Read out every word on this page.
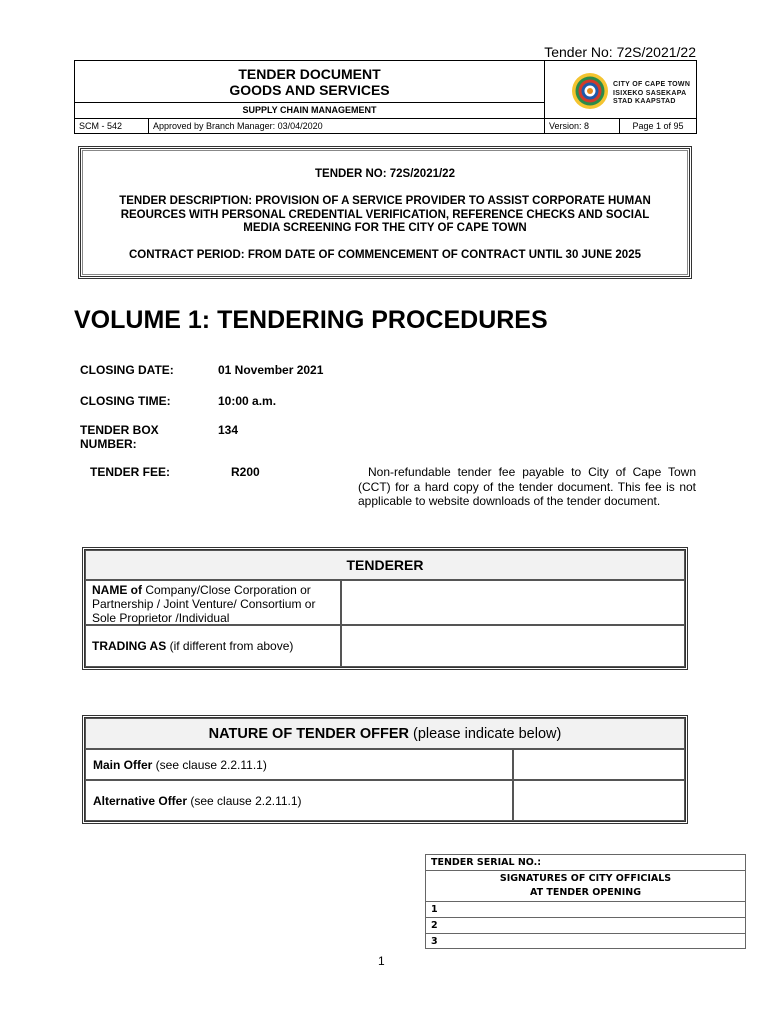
Tender No: 72S/2021/22
TENDER DOCUMENT
GOODS AND SERVICES
SUPPLY CHAIN MANAGEMENT
CITY OF CAPE TOWN
ISIXEKO SASEKAPA
STAD KAAPSTAD
SCM - 542	Approved by Branch Manager: 03/04/2020	Version: 8	Page 1 of 95
TENDER NO: 72S/2021/22
TENDER DESCRIPTION: PROVISION OF A SERVICE PROVIDER TO ASSIST CORPORATE HUMAN
REOURCES WITH PERSONAL CREDENTIAL VERIFICATION, REFERENCE CHECKS AND SOCIAL
MEDIA SCREENING FOR THE CITY OF CAPE TOWN
CONTRACT PERIOD: FROM DATE OF COMMENCEMENT OF CONTRACT UNTIL 30 JUNE 2025
VOLUME 1: TENDERING PROCEDURES
CLOSING DATE:	01 November 2021
CLOSING TIME:	10:00 a.m.
TENDER BOX
NUMBER:
134
TENDER FEE:	R200	Non-refundable tender fee payable to City of Cape Town (CCT) for a hard copy of the tender document. This fee is not applicable to website downloads of the tender document.
TENDERER
NAME of Company/Close Corporation or Partnership / Joint Venture/ Consortium or Sole Proprietor /Individual
TRADING AS (if different from above)
NATURE OF TENDER OFFER (please indicate below)
Main Offer (see clause 2.2.11.1)
Alternative Offer (see clause 2.2.11.1)
TENDER SERIAL NO.:
SIGNATURES OF CITY OFFICIALS
AT TENDER OPENING
1
2
3
1
